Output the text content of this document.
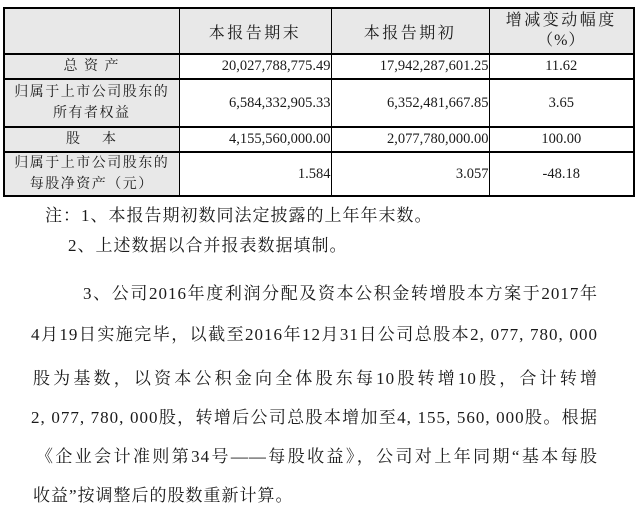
	本报告期末	本报告期初	增减变动幅度
（%）

总 资 产	20,027,788,775.49	17,942,287,601.25	11.62

归属于上市公司股东的
所有者权益	6,584,332,905.33	6,352,481,667.85	3.65
股　 本	4,155,560,000.00	2,077,780,000.00	100.00

归属于上市公司股东的
每股净资产（元）	1.584	3.057	-48.18
注：1、本报告期初数同法定披露的上年年末数。
2、上述数据以合并报表数据填制。
3、公司2016年度利润分配及资本公积金转增股本方案于2017年
4月19日实施完毕，以截至2016年12月31日公司总股本2, 077, 780, 000
股为基数，以资本公积金向全体股东每10股转增10股，合计转增
2, 077, 780, 000股，转增后公司总股本增加至4, 155, 560, 000股。根据
《企业会计准则第34号——每股收益》，公司对上年同期“基本每股
收益”按调整后的股数重新计算。
